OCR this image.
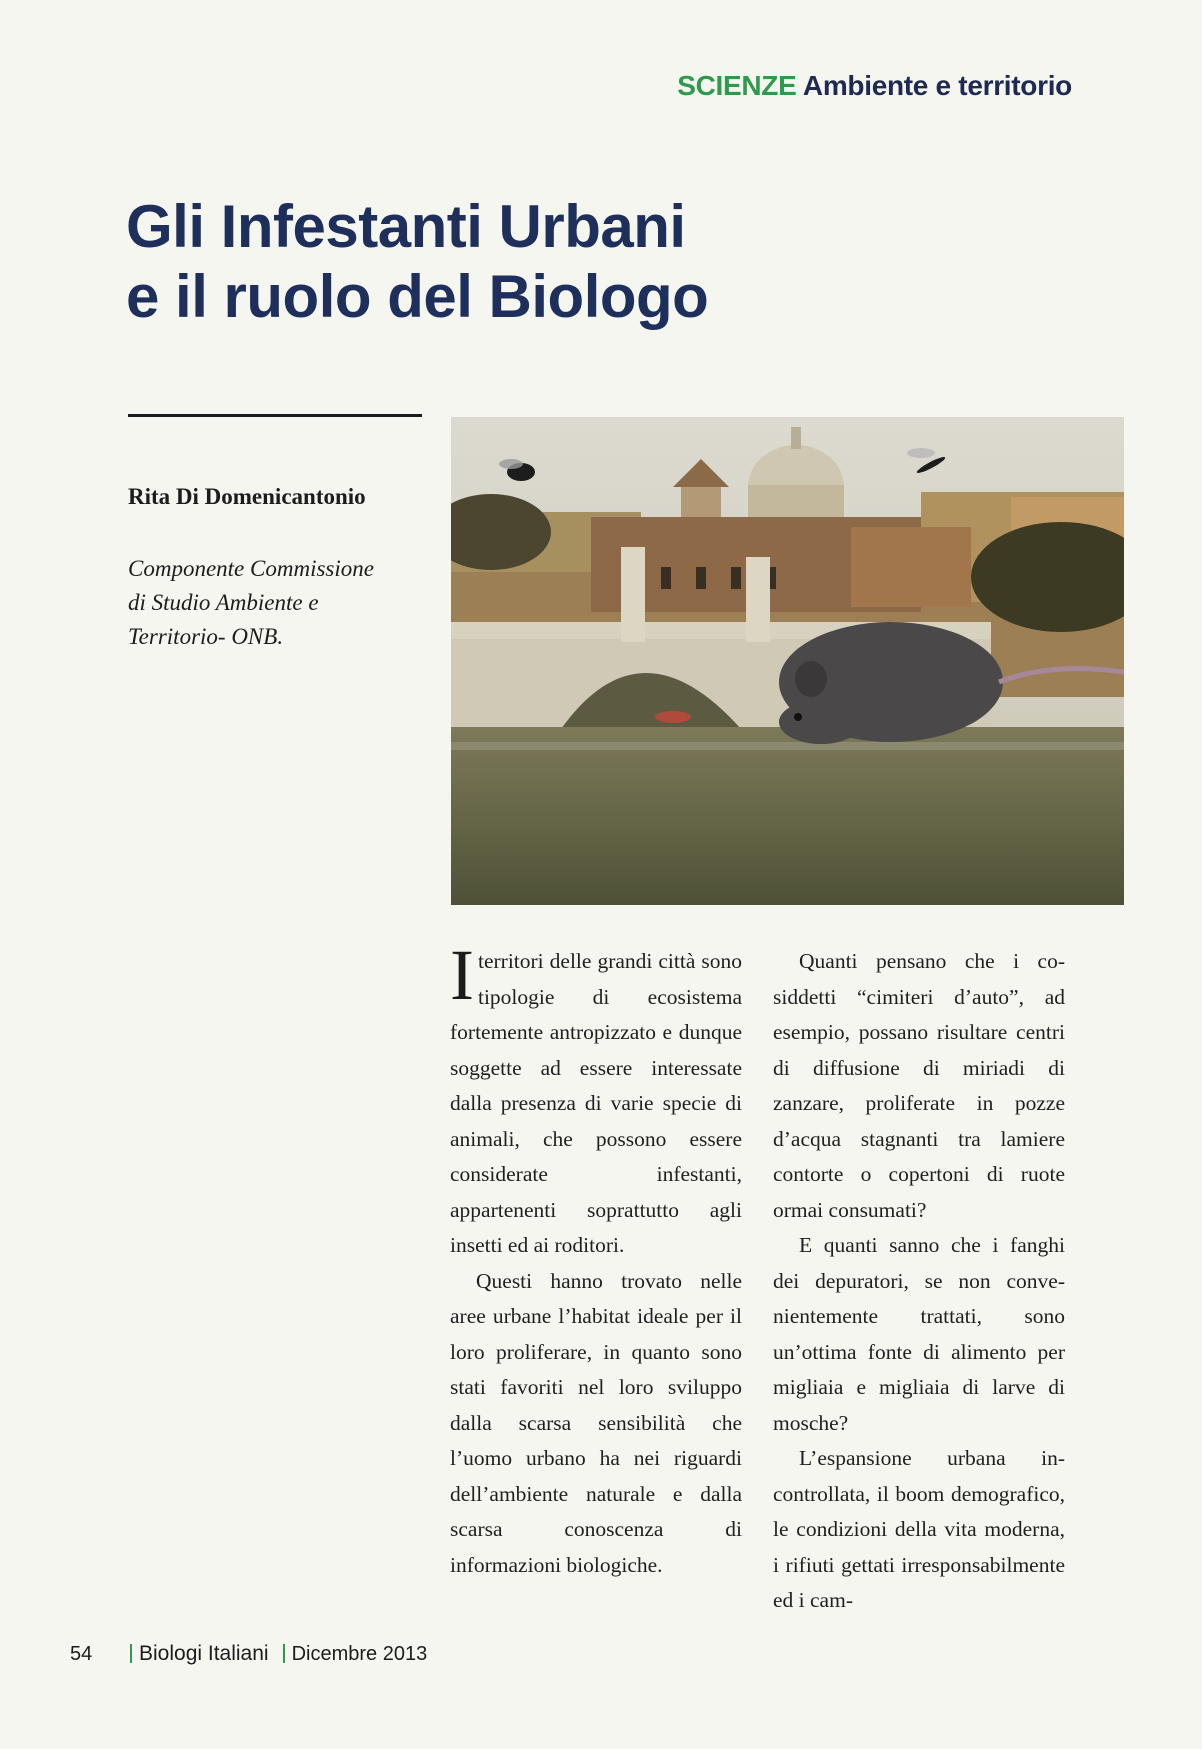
SCIENZE Ambiente e territorio
Gli Infestanti Urbani
e il ruolo del Biologo
Rita Di Domenicantonio
Componente Commissione
di Studio Ambiente e
Territorio- ONB.

Iterritori delle grandi città sono tipologie di ecosistema fortemente antropizzato e dunque soggette ad essere interessate dalla presenza di varie specie di animali, che possono essere considerate infestanti, appartenenti soprattutto agli insetti ed ai roditori.

Questi hanno trovato nelle aree urbane l’habitat ideale per il loro proliferare, in quanto sono stati favoriti nel loro sviluppo dalla scarsa sensibilità che l’uomo urbano ha nei riguardi dell’ambiente naturale e dalla scarsa conoscenza di informazioni biologiche.

Quanti pensano che i cosiddetti “cimiteri d’auto”, ad esempio, possano risultare centri di diffusione di miriadi di zanzare, proliferate in pozze d’acqua stagnanti tra lamiere contorte o copertoni di ruote ormai consumati?

E quanti sanno che i fanghi dei depuratori, se non convenientemente trattati, sono un’ottima fonte di alimento per migliaia e migliaia di larve di mosche?

L’espansione urbana incontrollata, il boom demografico, le condizioni della vita moderna, i rifiuti gettati irresponsabilmente ed i cam-

54 Biologi Italiani Dicembre 2013
